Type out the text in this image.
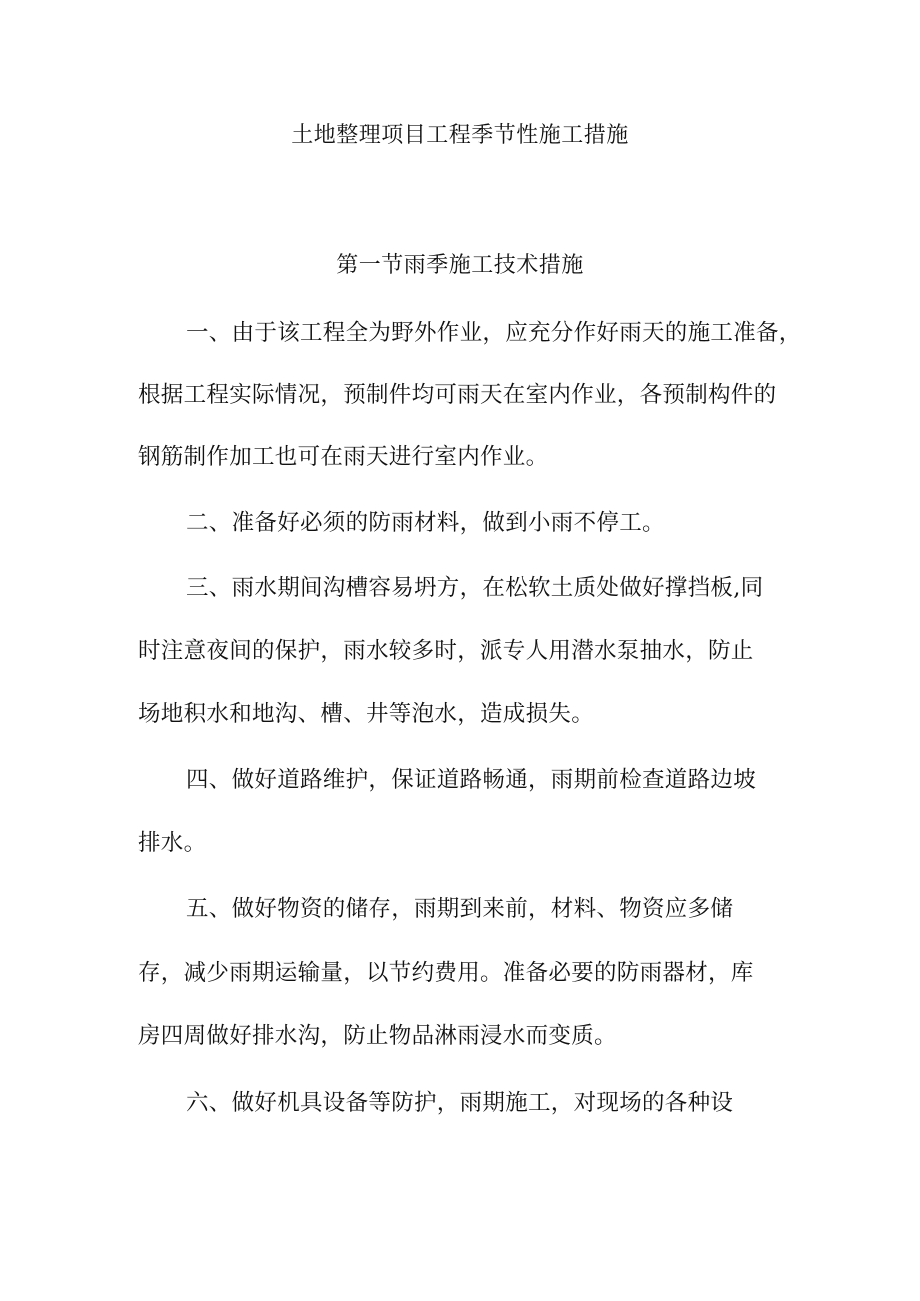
土地整理项目工程季节性施工措施
第一节雨季施工技术措施
一、由于该工程全为野外作业，应充分作好雨天的施工准备，
根据工程实际情况，预制件均可雨天在室内作业，各预制构件的
钢筋制作加工也可在雨天进行室内作业。
二、准备好必须的防雨材料，做到小雨不停工。
三、雨水期间沟槽容易坍方，在松软土质处做好撑挡板,同
时注意夜间的保护，雨水较多时，派专人用潜水泵抽水，防止
场地积水和地沟、槽、井等泡水，造成损失。
四、做好道路维护，保证道路畅通，雨期前检查道路边坡
排水。
五、做好物资的储存，雨期到来前，材料、物资应多储
存，减少雨期运输量，以节约费用。准备必要的防雨器材，库
房四周做好排水沟，防止物品淋雨浸水而变质。
六、做好机具设备等防护，雨期施工，对现场的各种设
